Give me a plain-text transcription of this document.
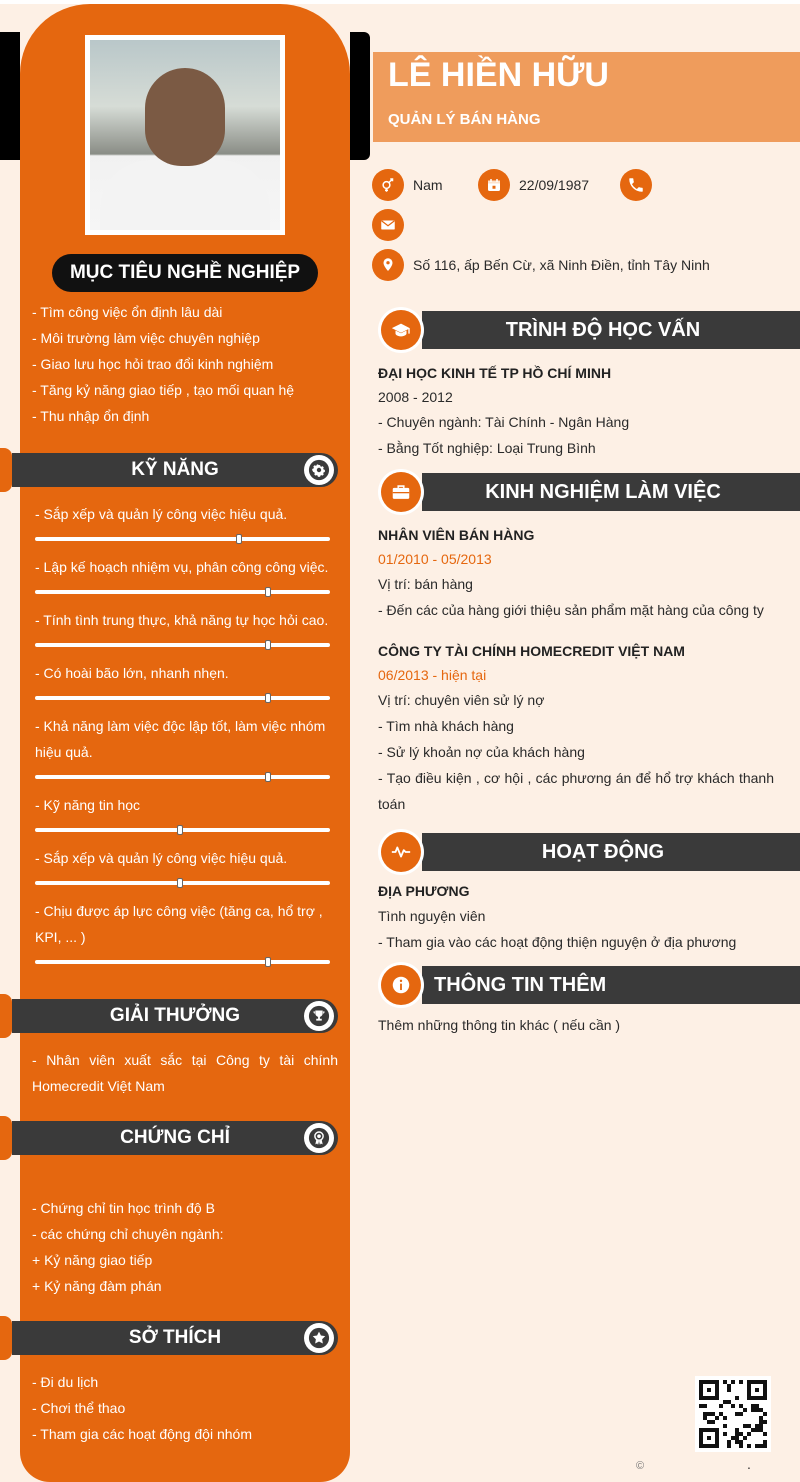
MỤC TIÊU NGHỀ NGHIỆP
- Tìm công việc ổn định lâu dài
- Môi trường làm việc chuyên nghiệp
- Giao lưu học hỏi trao đổi kinh nghiệm
- Tăng kỷ năng giao tiếp , tạo mối quan hệ
- Thu nhập ổn định
KỸ NĂNG
- Sắp xếp và quản lý công việc hiệu quả.
- Lập kế hoạch nhiệm vụ, phân công công việc.
- Tính tình trung thực, khả năng tự học hỏi cao.
- Có hoài bão lớn, nhanh nhẹn.
- Khả năng làm việc độc lập tốt, làm việc nhóm hiệu quả.
- Kỹ năng tin học
- Sắp xếp và quản lý công việc hiệu quả.
- Chịu được áp lực công việc (tăng ca, hổ trợ , KPI, ... )
GIẢI THƯỞNG
- Nhân viên xuất sắc tại Công ty tài chính Homecredit Việt Nam
CHỨNG CHỈ
- Chứng chỉ tin học trình độ B
- các chứng chỉ chuyên ngành:
+ Kỷ năng giao tiếp
+ Kỷ năng đàm phán
SỞ THÍCH
- Đi du lịch
- Chơi thể thao
- Tham gia các hoạt động đội nhóm
LÊ HIỀN HỮU
QUẢN LÝ BÁN HÀNG
Nam	22/09/1987
Số 116, ấp Bến Cừ, xã Ninh Điền, tỉnh Tây Ninh
TRÌNH ĐỘ HỌC VẤN
ĐẠI HỌC KINH TẾ TP HỒ CHÍ MINH
2008 - 2012
- Chuyên ngành: Tài Chính - Ngân Hàng
- Bằng Tốt nghiệp: Loại Trung Bình
KINH NGHIỆM LÀM VIỆC
NHÂN VIÊN BÁN HÀNG
01/2010 - 05/2013
Vị trí: bán hàng
- Đến các của hàng giới thiệu sản phẩm mặt hàng của công ty
CÔNG TY TÀI CHÍNH HOMECREDIT VIỆT NAM
06/2013 - hiện tại
Vị trí: chuyên viên sử lý nợ
- Tìm nhà khách hàng
- Sử lý khoản nợ của khách hàng
- Tạo điều kiện , cơ hội , các phương án để hổ trợ khách thanh toán
HOẠT ĐỘNG
ĐỊA PHƯƠNG
Tình nguyện viên
- Tham gia vào các hoạt động thiện nguyện ở địa phương
THÔNG TIN THÊM
Thêm những thông tin khác ( nếu cần )
©	.
